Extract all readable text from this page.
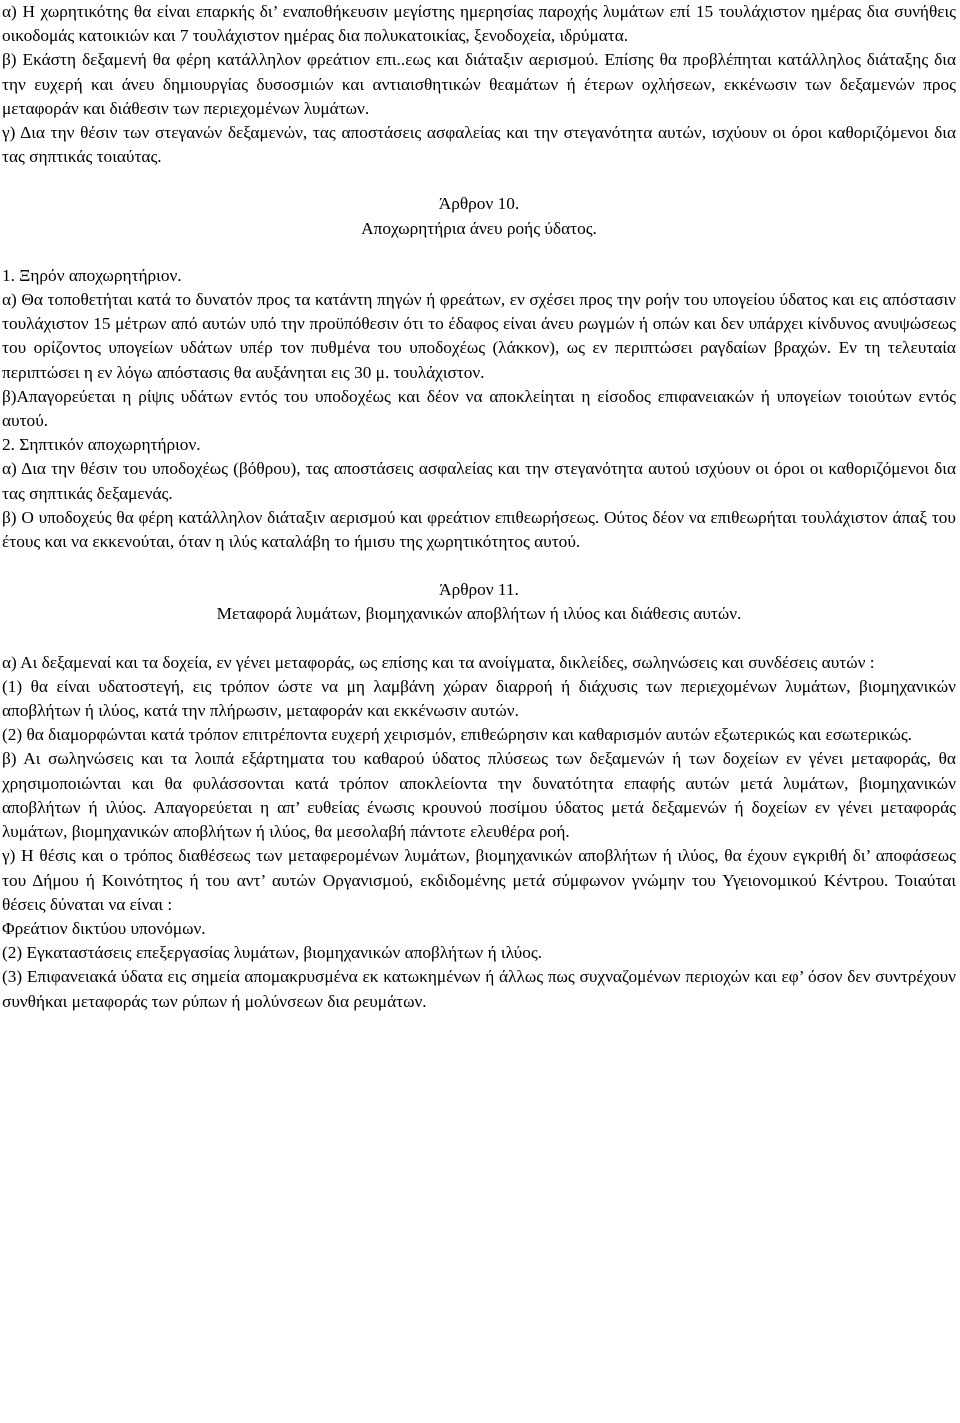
α) Η χωρητικότης θα είναι επαρκής δι’ εναποθήκευσιν μεγίστης ημερησίας παροχής λυμάτων επί 15 τουλάχιστον ημέρας δια συνήθεις οικοδομάς κατοικιών και 7 τουλάχιστον ημέρας δια πολυκατοικίας, ξενοδοχεία, ιδρύματα.

β) Εκάστη δεξαμενή θα φέρη κατάλληλον φρεάτιον επι..εως και διάταξιν αερισμού. Επίσης θα προβλέπηται κατάλληλος διάταξης δια την ευχερή και άνευ δημιουργίας δυσοσμιών και αντιαισθητικών θεαμάτων ή έτερων οχλήσεων, εκκένωσιν των δεξαμενών προς μεταφοράν και διάθεσιν των περιεχομένων λυμάτων.

γ) Δια την θέσιν των στεγανών δεξαμενών, τας αποστάσεις ασφαλείας και την στεγανότητα αυτών, ισχύουν οι όροι καθοριζόμενοι δια τας σηπτικάς τοιαύτας.

Άρθρον 10.

Αποχωρητήρια άνευ ροής ύδατος.

1. Ξηρόν αποχωρητήριον.

α) Θα τοποθετήται κατά το δυνατόν προς τα κατάντη πηγών ή φρεάτων, εν σχέσει προς την ροήν του υπογείου ύδατος και εις απόστασιν τουλάχιστον 15 μέτρων από αυτών υπό την προϋπόθεσιν ότι το έδαφος είναι άνευ ρωγμών ή οπών και δεν υπάρχει κίνδυνος ανυψώσεως του ορίζοντος υπογείων υδάτων υπέρ τον πυθμένα του υποδοχέως (λάκκον), ως εν περιπτώσει ραγδαίων βραχών. Εν τη τελευταία περιπτώσει η εν λόγω απόστασις θα αυξάνηται εις 30 μ. τουλάχιστον.

β)Απαγορεύεται η ρίψις υδάτων εντός του υποδοχέως και δέον να αποκλείηται η είσοδος επιφανειακών ή υπογείων τοιούτων εντός αυτού.

2. Σηπτικόν αποχωρητήριον.

α) Δια την θέσιν του υποδοχέως (βόθρου), τας αποστάσεις ασφαλείας και την στεγανότητα αυτού ισχύουν οι όροι οι καθοριζόμενοι δια τας σηπτικάς δεξαμενάς.

β) Ο υποδοχεύς θα φέρη κατάλληλον διάταξιν αερισμού και φρεάτιον επιθεωρήσεως. Ούτος δέον να επιθεωρήται τουλάχιστον άπαξ του έτους και να εκκενούται, όταν η ιλύς καταλάβη το ήμισυ της χωρητικότητος αυτού.

Άρθρον 11.

Μεταφορά λυμάτων, βιομηχανικών αποβλήτων ή ιλύος και διάθεσις αυτών.

α) Αι δεξαμεναί και τα δοχεία, εν γένει μεταφοράς, ως επίσης και τα ανοίγματα, δικλείδες, σωληνώσεις και συνδέσεις αυτών :

(1) θα είναι υδατοστεγή, εις τρόπον ώστε να μη λαμβάνη χώραν διαρροή ή διάχυσις των περιεχομένων λυμάτων, βιομηχανικών αποβλήτων ή ιλύος, κατά την πλήρωσιν, μεταφοράν και εκκένωσιν αυτών.

(2) θα διαμορφώνται κατά τρόπον επιτρέποντα ευχερή χειρισμόν, επιθεώρησιν και καθαρισμόν αυτών εξωτερικώς και εσωτερικώς.

β) Αι σωληνώσεις και τα λοιπά εξάρτηματα του καθαρού ύδατος πλύσεως των δεξαμενών ή των δοχείων εν γένει μεταφοράς, θα χρησιμοποιώνται και θα φυλάσσονται κατά τρόπον αποκλείοντα την δυνατότητα επαφής αυτών μετά λυμάτων, βιομηχανικών αποβλήτων ή ιλύος. Απαγορεύεται η απ’ ευθείας ένωσις κρουνού ποσίμου ύδατος μετά δεξαμενών ή δοχείων εν γένει μεταφοράς λυμάτων, βιομηχανικών αποβλήτων ή ιλύος, θα μεσολαβή πάντοτε ελευθέρα ροή.

γ) Η θέσις και ο τρόπος διαθέσεως των μεταφερομένων λυμάτων, βιομηχανικών αποβλήτων ή ιλύος, θα έχουν εγκριθή δι’ αποφάσεως του Δήμου ή Κοινότητος ή του αντ’ αυτών Οργανισμού, εκδιδομένης μετά σύμφωνον γνώμην του Υγειονομικού Κέντρου. Τοιαύται θέσεις δύναται να είναι :

Φρεάτιον δικτύου υπονόμων.

(2) Εγκαταστάσεις επεξεργασίας λυμάτων, βιομηχανικών αποβλήτων ή ιλύος.

(3) Επιφανειακά ύδατα εις σημεία απομακρυσμένα εκ κατωκημένων ή άλλως πως συχναζομένων περιοχών και εφ’ όσον δεν συντρέχουν συνθήκαι μεταφοράς των ρύπων ή μολύνσεων δια ρευμάτων.
